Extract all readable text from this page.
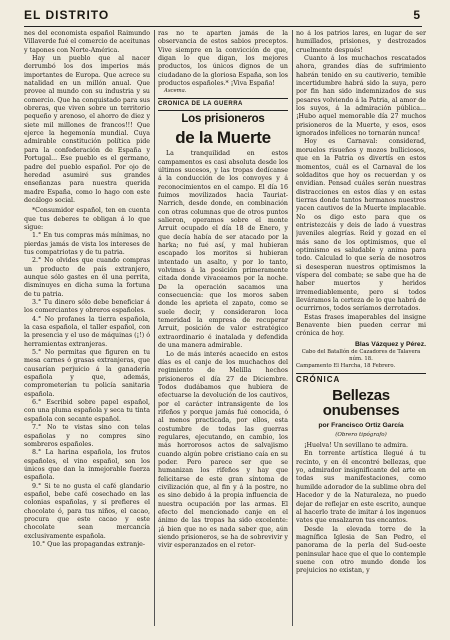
EL DISTRITO	5

nes del economista español Raimundo Villaverde fué el comercio de aceitunas y tapones con Norte-América.

Hay un pueblo que al nacer derrumbó los dos imperios más importantes de Europa. Que acrece su natalidad en un millón anual. Que provee al mundo con su industria y su comercio. Que ha conquistado para sus obreras, que viven sobre un territorio pequeño y arenoso, el ahorro de diez y siete mil millones de francos!!! Que ejerce la hegemonía mundial. Cuya admirable constitución política pide para la confederación de España y Portugal... Ese pueblo es el germano, padre del pueblo español. Por ojo de heredad asumiré sus grandes enseñanzas para nuestra querida madre España, como lo hago con este decálogo social.

*Consumidor español, ten en cuenta que tus deberes te obligan á lo que sigue:

1.° En tus compras más mínimas, no pierdas jamás de vista los intereses de tus compatriotas y de tu patria.

2.° No olvides que cuando compras un producto de país extranjero, aunque sólo gastes en él una perrita, disminuyes en dicha suma la fortuna de tu patria.

3.° Tu dinero sólo debe beneficiar á los comerciantes y obreros españoles.

4.° No profanes la tierra española, la casa española, el taller español, con la presencia y el uso de máquinas (¡!) ó herramientas extranjeras.

5.° No permitas que figuren en tu mesa carnes ó grasas extranjeras, que causarían perjuicio á la ganadería española y que, además, comprometerían tu policía sanitaria española.

6.° Escribid sobre papel español, con una pluma española y seca tu tinta española con secante español.

7.° No te vistas sino con telas españolas y no compres sino sombreros españoles.

8.° La harina española, los frutos españoles, el vino español, son los únicos que dan la inmejorable fuerza española.

9.° Si te no gusta el café glandario español, bebe café cosechado en las colonias españolas, y si prefieres el chocolate ó, para tus niños, el cacao, procura que este cacao y este chocolate sean mercancía exclusivamente española.

10.° Que las propagandas extranje-

ras no te aparten jamás de la observancia de estos sabios preceptos. Vive siempre en la convicción de que, digan lo que digan, los mejores productos, los únicos dignos de un ciudadano de la gloriosa España, son los productos españoles.* ¡Viva España!

Ascema.

CRONICA DE LA GUERRA
Los prisioneros
de la Muerte

La tranquilidad en estos campamentos es casi absoluta desde los últimos sucesos, y las tropas dedícanse á la conducción de los convoyes y á reconocimientos en el campo. El día 16 fuimos movilizados hacia Tauriat-Narrich, desde donde, en combinación con otras columnas que de otros puntos salieron, operamos sobre el monte Arruit ocupado el día 18 de Enero, y que decía había de ser atacado por la harka; no fué así, y mal hubieran escapado los moritos si hubieran intentado un asalto, y por lo tanto, volvimos á la posición primeramente citada donde vivaceamos por la noche. De la operación sacamos una consecuencia: que los moros saben donde les aprieta el zapato, como se suele decir, y consideraron loca temeridad la empresa de recuperar Arruit, posición de valor estratégico extraordinario é inatalada y defendida de una manera admirable.

Lo de más interés acaecido en estos días es el canje de los muchachos del regimiento de Melilla hechos prisioneros el día 27 de Diciembre. Todos dudábamos que hubiera de efectuarse la devolución de los cautivos, por el carácter intransigente de los rifeños y porque jamás fué conocida, ó al menos practicada, por ellos, esta costumbre de todas las guerras regulares, ejecutando, en cambio, los más horrorosos actos de salvajismo cuando algún pobre cristiano caía en su poder. Pero parece ser que se humanizan los rifeños y hay que felicitarse de este gran síntoma de civilización que, al fin y á la postre, no es sino debido á la propia influencia de nuestra ocupación por las armas. El efecto del mencionado canje en el ánimo de las tropas ha sido excelente: ¡á bien que no es nada saber que, aún siendo prisioneros, se ha de sobrevivir y vivir esperanzados en el retor-

no á los patrios lares, en lugar de ser humillados, prisiones, y destrozados cruelmente después!

Cuanto á los muchachos rescatados ahora, grandes días de sufrimiento habrán tenido en su cautiverio, temible incertidumbre habrá sido la suya, pero por fin han sido indemnizados de sus pesares volviendo á la Patria, al amor de los suyos, á la admiración pública... ¡Hubo aquel memorable día 27 muchos prisioneros de la Muerte, y esos, esos ignorados infelices no tornarán nunca!

Hoy es Carnaval: considerad, moruelos risueños y mozos bulliciosos, que en la Patria os divertís en estos momentos, cuál es el Carnaval de los soldaditos que hoy os recuerdan y os envidian. Pensad cuáles serán nuestras distracciones en estos días y en estas tierras donde tantos hermanos nuestros yacen cautivos de la Muerte implacable. No os digo esto para que os entristezcáis y deis de lado á vuestras juveniles alegrías. Reíd y gozad en el más sano de los optimismos, que el optimismo es saludable y anima para todo. Calculad lo que sería de nosotros si desesperan nuestros optimismos la víspera del combate; se sabe que ha de haber muertos y heridos irremediablemente, pero si todos lleváramos la certeza de lo que habrá de ocurrirnos, todos seríamos derrotados.

Estas frases imaperables del insigne Benavente bien pueden cerrar mi crónica de hoy.

Blas Vázquez y Pérez.
Cabo del Batallón de Cazadores de Talavera núm. 18.
Campamento El Harcha, 18 Febrero.
CRÓNICA
Bellezas onubenses
por Francisco Ortiz García
(Obrero tipógrafo)

¡Huelva! Un sevillano te admira.

En torrente artística llegué á tu recinto, y en él encontré bellezas, que yo, admirador insignificante del arte en todas sus manifestaciones, como humilde adorador de la sublime obra del Hacedor y de la Naturaleza, no puedo dejar de reflejar en este escrito, aunque al hacerlo trate de imitar á los ingenuos vates que ensalzaron tus encantos.

Desde la elevada torre de la magnífica Iglesia de San Pedro, el panorama de la perla del Sud-oeste peninsular hace que el que lo contemple suene con otro mundo donde los prejuicios no existan, y
